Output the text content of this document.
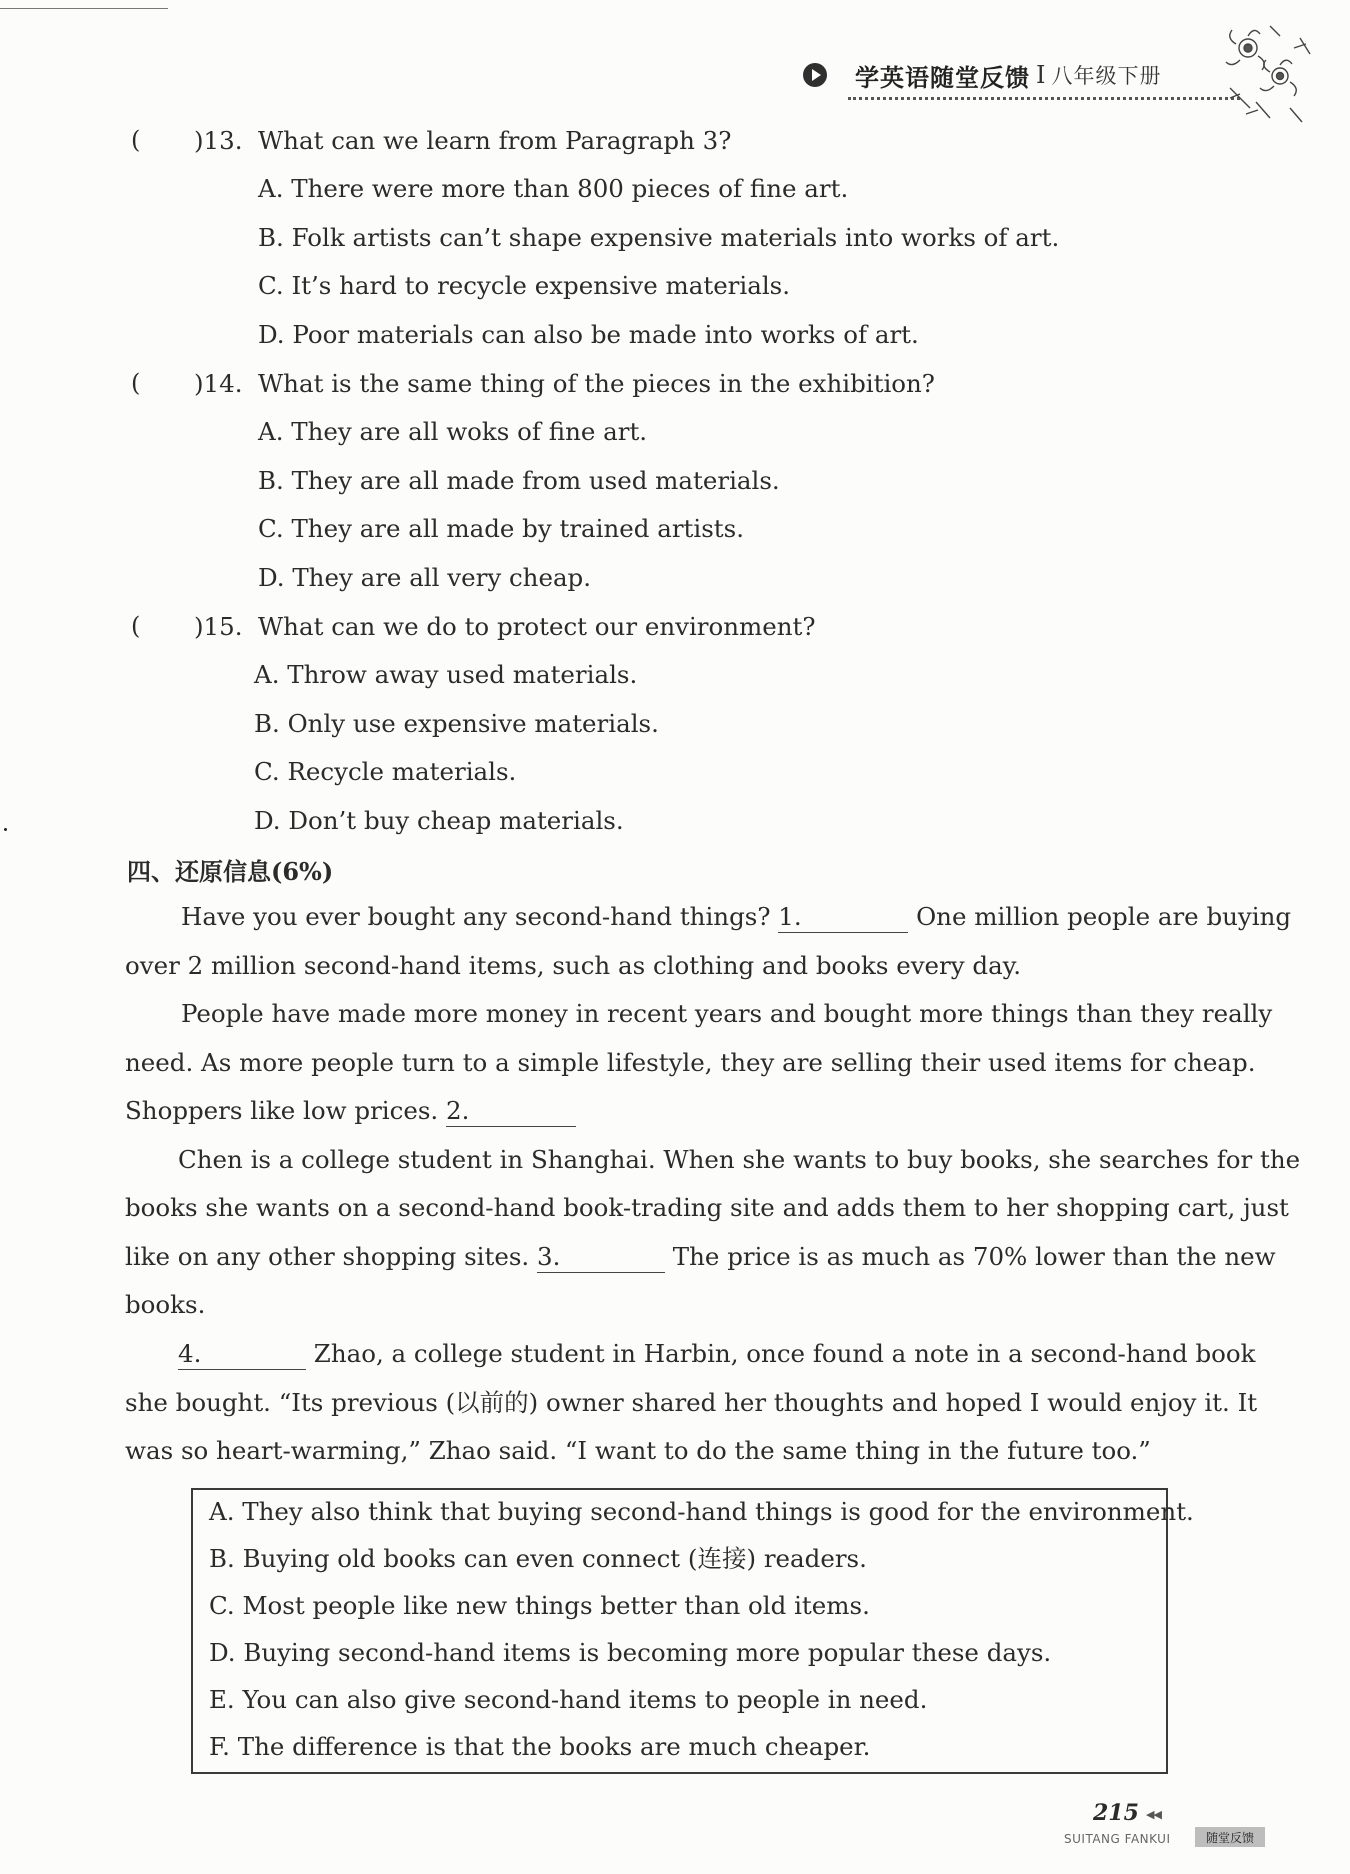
学英语随堂反馈 I 八年级下册
( )13. What can we learn from Paragraph 3?
A. There were more than 800 pieces of fine art.
B. Folk artists can’t shape expensive materials into works of art.
C. It’s hard to recycle expensive materials.
D. Poor materials can also be made into works of art.
( )14. What is the same thing of the pieces in the exhibition?
A. They are all woks of fine art.
B. They are all made from used materials.
C. They are all made by trained artists.
D. They are all very cheap.
( )15. What can we do to protect our environment?
A. Throw away used materials.
B. Only use expensive materials.
C. Recycle materials.
D. Don’t buy cheap materials.
四、还原信息(6%)
Have you ever bought any second-hand things? 1.	One million people are buying
over 2 million second-hand items, such as clothing and books every day.
People have made more money in recent years and bought more things than they really
need. As more people turn to a simple lifestyle, they are selling their used items for cheap.
Shoppers like low prices. 2.
Chen is a college student in Shanghai. When she wants to buy books, she searches for the
books she wants on a second-hand book-trading site and adds them to her shopping cart, just
like on any other shopping sites. 3.	The price is as much as 70% lower than the new
books.
4.	Zhao, a college student in Harbin, once found a note in a second-hand book
she bought. “Its previous (以前的) owner shared her thoughts and hoped I would enjoy it. It
was so heart-warming,” Zhao said. “I want to do the same thing in the future too.”
A. They also think that buying second-hand things is good for the environment.
B. Buying old books can even connect (连接) readers.
C. Most people like new things better than old items.
D. Buying second-hand items is becoming more popular these days.
E. You can also give second-hand items to people in need.
F. The difference is that the books are much cheaper.
215 ◀◀
SUITANG FANKUI	随堂反馈
